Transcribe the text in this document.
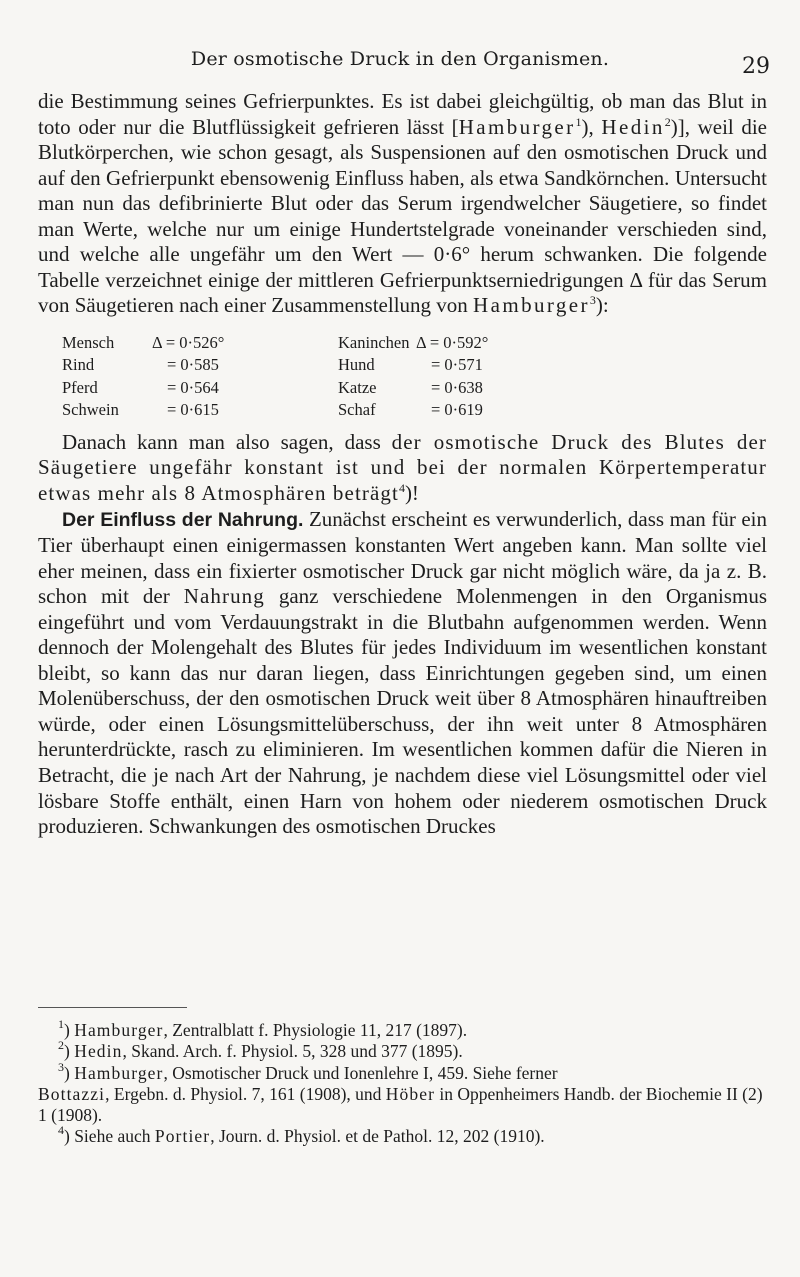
Der osmotische Druck in den Organismen.	29

die Bestimmung seines Gefrierpunktes. Es ist dabei gleichgültig, ob man das Blut in toto oder nur die Blutflüssigkeit gefrieren lässt [Hamburger$^1$), Hedin$^2$)], weil die Blutkörperchen, wie schon gesagt, als Suspensionen auf den osmotischen Druck und auf den Gefrierpunkt ebensowenig Einfluss haben, als etwa Sandkörnchen. Untersucht man nun das defibrinierte Blut oder das Serum irgendwelcher Säugetiere, so findet man Werte, welche nur um einige Hundertstelgrade voneinander verschieden sind, und welche alle ungefähr um den Wert — 0·6° herum schwanken. Die folgende Tabelle verzeichnet einige der mittleren Gefrierpunktserniedrigungen Δ für das Serum von Säugetieren nach einer Zusammenstellung von Hamburger$^3$):

Mensch	Δ = 0·526°	Kaninchen Δ = 0·592°
Rind	= 0·585	Hund	= 0·571
Pferd	= 0·564	Katze	= 0·638
Schwein	= 0·615	Schaf	= 0·619

Danach kann man also sagen, dass der osmotische Druck des Blutes der Säugetiere ungefähr konstant ist und bei der normalen Körpertemperatur etwas mehr als 8 Atmosphären beträgt$^4$)!

Der Einfluss der Nahrung. Zunächst erscheint es verwunderlich, dass man für ein Tier überhaupt einen einigermassen konstanten Wert angeben kann. Man sollte viel eher meinen, dass ein fixierter osmotischer Druck gar nicht möglich wäre, da ja z. B. schon mit der Nahrung ganz verschiedene Molenmengen in den Organismus eingeführt und vom Verdauungstrakt in die Blutbahn aufgenommen werden. Wenn dennoch der Molengehalt des Blutes für jedes Individuum im wesentlichen konstant bleibt, so kann das nur daran liegen, dass Einrichtungen gegeben sind, um einen Molenüberschuss, der den osmotischen Druck weit über 8 Atmosphären hinauftreiben würde, oder einen Lösungsmittelüberschuss, der ihn weit unter 8 Atmosphären herunterdrückte, rasch zu eliminieren. Im wesentlichen kommen dafür die Nieren in Betracht, die je nach Art der Nahrung, je nachdem diese viel Lösungsmittel oder viel lösbare Stoffe enthält, einen Harn von hohem oder niederem osmotischen Druck produzieren. Schwankungen des osmotischen Druckes

$^1$) Hamburger, Zentralblatt f. Physiologie 11, 217 (1897).

$^2$) Hedin, Skand. Arch. f. Physiol. 5, 328 und 377 (1895).

$^3$) Hamburger, Osmotischer Druck und Ionenlehre I, 459. Siehe ferner

Bottazzi, Ergebn. d. Physiol. 7, 161 (1908), und Höber in Oppenheimers Handb. der Biochemie II (2) 1 (1908).

$^4$) Siehe auch Portier, Journ. d. Physiol. et de Pathol. 12, 202 (1910).
